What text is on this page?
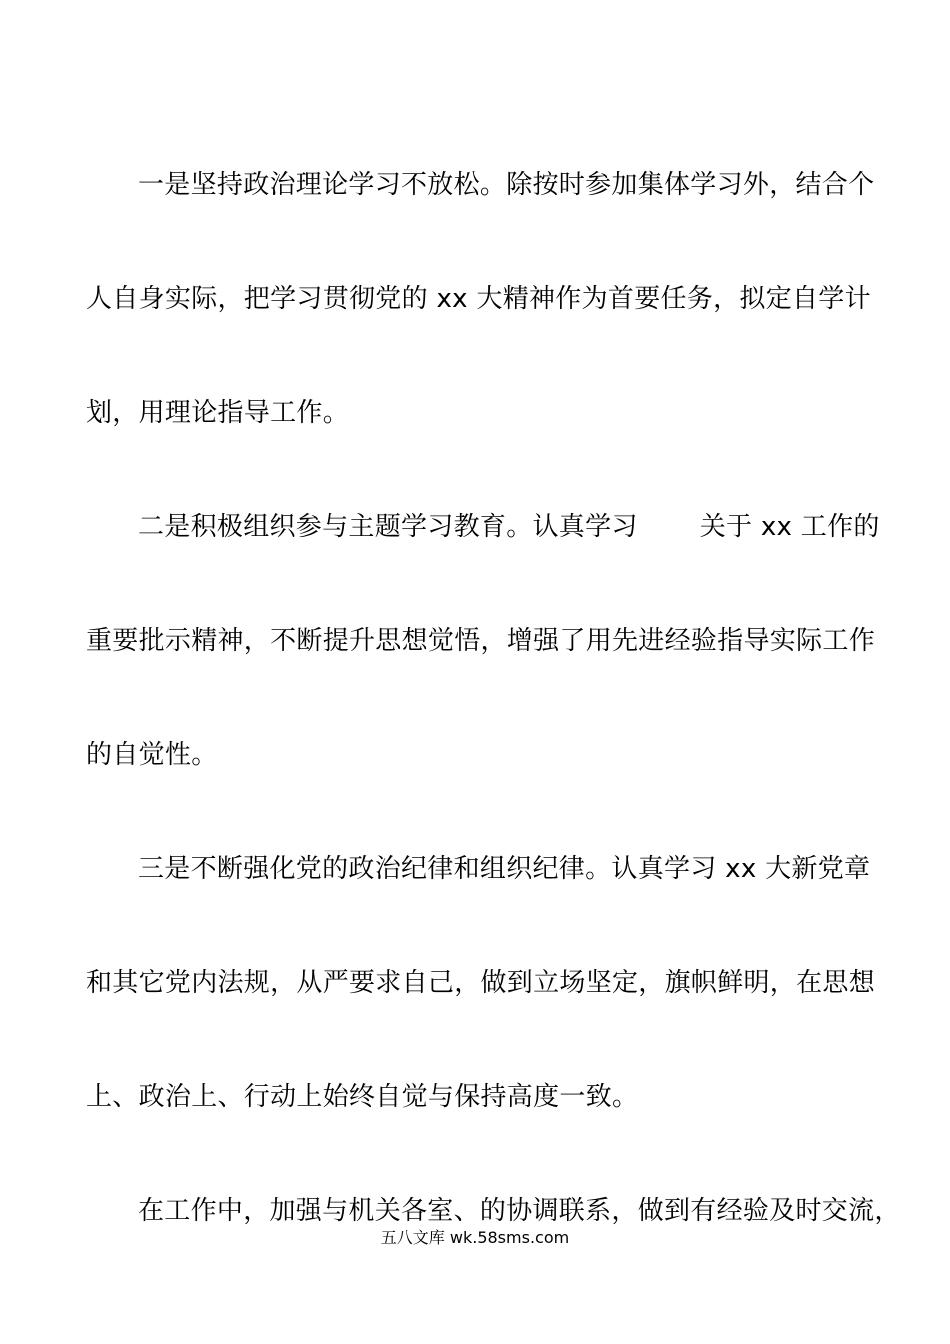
一是坚持政治理论学习不放松。除按时参加集体学习外，结合个
人自身实际，把学习贯彻党的 xx 大精神作为首要任务，拟定自学计
划，用理论指导工作。

二是积极组织参与主题学习教育。认真学习 关于 xx 工作的
重要批示精神，不断提升思想觉悟，增强了用先进经验指导实际工作
的自觉性。

三是不断强化党的政治纪律和组织纪律。认真学习 xx 大新党章
和其它党内法规，从严要求自己，做到立场坚定，旗帜鲜明，在思想
上、政治上、行动上始终自觉与保持高度一致。

在工作中，加强与机关各室、的协调联系，做到有经验及时交流，

五八文库 wk.58sms.com
